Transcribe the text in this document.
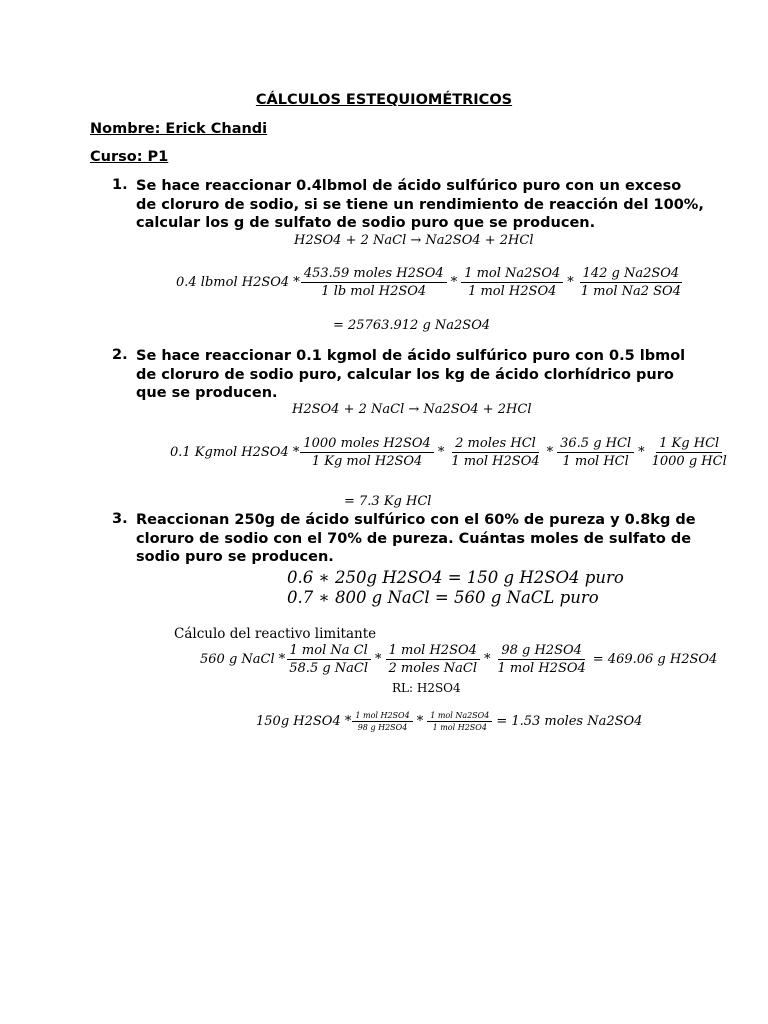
CÁLCULOS ESTEQUIOMÉTRICOS
Nombre: Erick Chandi
Curso: P1
1. Se hace reaccionar 0.4lbmol de ácido sulfúrico puro con un exceso
de cloruro de sodio, si se tiene un rendimiento de reacción del 100%,
calcular los g de sulfato de sodio puro que se producen.
H2SO4 + 2 NaCl → Na2SO4 + 2HCl
0.4 lbmol $H2SO4 * \frac{\text{453.59 moles H2SO4}}{\text{1 lb mol H2SO4}} * \frac{\text{1 mol Na2SO4}}{\text{1 mol H2SO4}} * \frac{\text{142 g Na2SO4}}{\text{1 mol Na2 SO4}}$
= 25763.912 g Na2SO4
2. Se hace reaccionar 0.1 kgmol de ácido sulfúrico puro con 0.5 lbmol
de cloruro de sodio puro, calcular los kg de ácido clorhídrico puro
que se producen.
H2SO4 + 2 NaCl → Na2SO4 + 2HCl
0.1 Kgmol $H2SO4 * \frac{\text{1000 moles H2SO4}}{\text{1 Kg mol H2SO4}} * \frac{\text{2 moles HCl}}{\text{1 mol H2SO4}} * \frac{\text{36.5 g HCl}}{\text{1 mol HCl}} * \frac{\text{1 Kg HCl}}{\text{1000 g HCl}}$
= 7.3 Kg HCl
3. Reaccionan 250g de ácido sulfúrico con el 60% de pureza y 0.8kg de
cloruro de sodio con el 70% de pureza. Cuántas moles de sulfato de
sodio puro se producen.
0.6 ∗ 250g H2SO4 = 150 g H2SO4 puro
0.7 ∗ 800 g NaCl = 560 g NaCL puro
Cálculo del reactivo limitante
560 g NaCl * $\frac{\text{1 mol Na Cl}}{\text{58.5 g NaCl}} * \frac{\text{1 mol H2SO4}}{\text{2 moles NaCl}} * \frac{\text{98 g H2SO4}}{\text{1 mol H2SO4}} = 469.06$ g H2SO4
RL: H2SO4
150g $H2SO4 * \frac{\text{1 mol H2SO4}}{\text{98 g H2SO4}} * \frac{\text{1 mol Na2SO4}}{\text{1 mol H2SO4}} = 1.53$ moles Na2SO4
